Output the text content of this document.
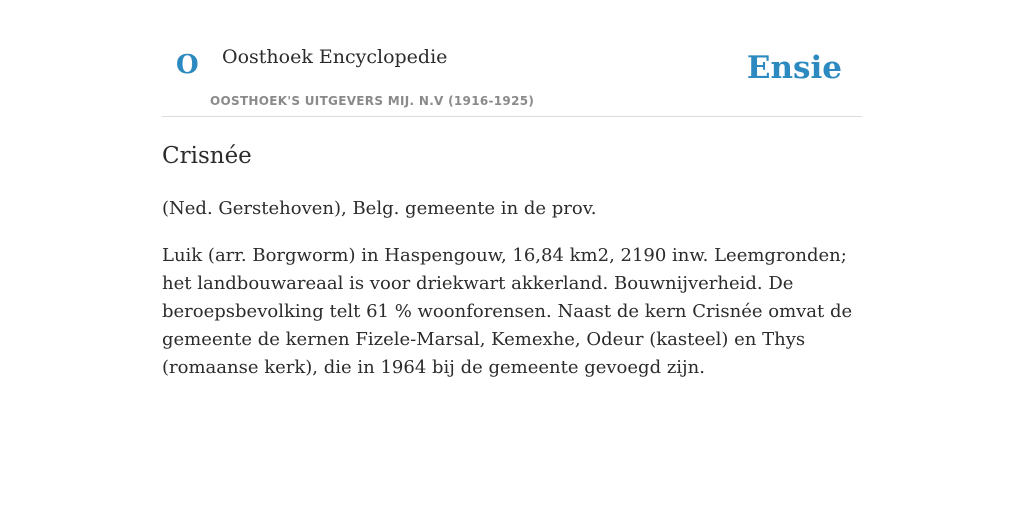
O Oosthoek Encyclopedie
OOSTHOEK'S UITGEVERS MIJ. N.V (1916-1925)
Ensie
Crisnée

(Ned. Gerstehoven), Belg. gemeente in de prov.

Luik (arr. Borgworm) in Haspengouw, 16,84 km2, 2190 inw. Leemgronden; het landbouwareaal is voor driekwart akkerland. Bouwnijverheid. De beroepsbevolking telt 61 % woonforensen. Naast de kern Crisnée omvat de gemeente de kernen Fizele-Marsal, Kemexhe, Odeur (kasteel) en Thys (romaanse kerk), die in 1964 bij de gemeente gevoegd zijn.
